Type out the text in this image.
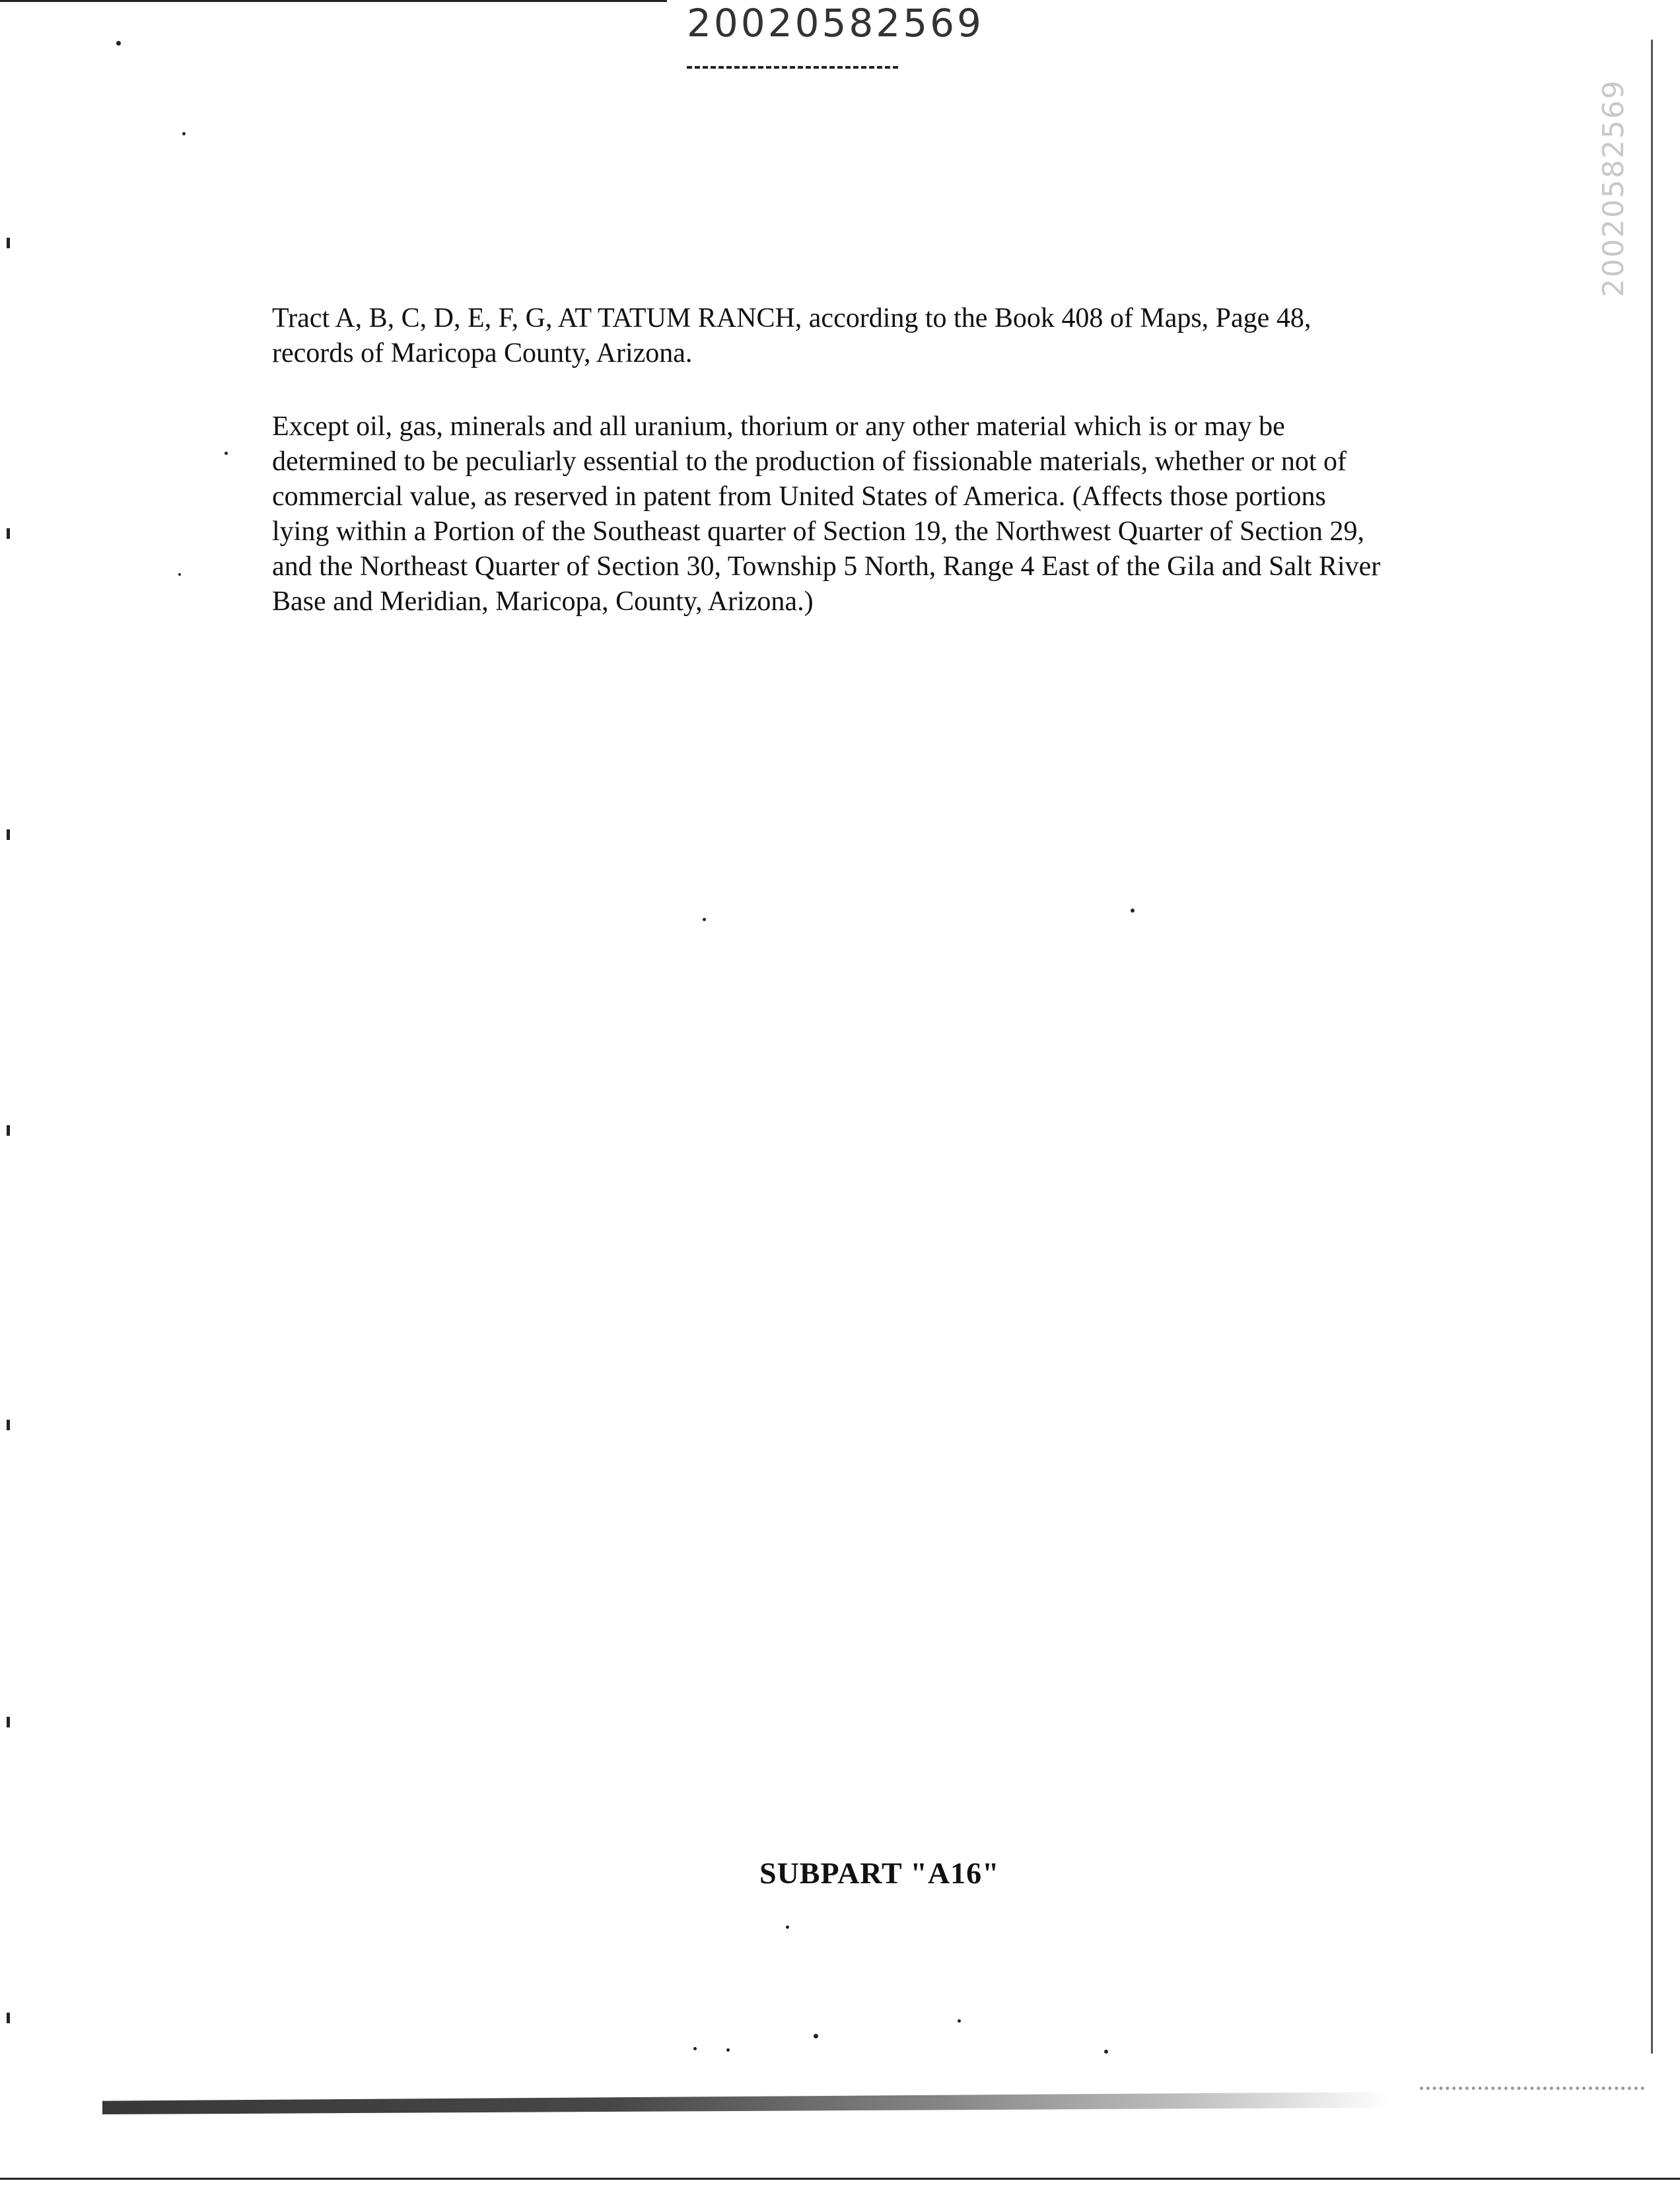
20020582569
20020582569

Tract A, B, C, D, E, F, G, AT TATUM RANCH, according to the Book 408 of Maps, Page 48, records of Maricopa County, Arizona.

Except oil, gas, minerals and all uranium, thorium or any other material which is or may be determined to be peculiarly essential to the production of fissionable materials, whether or not of commercial value, as reserved in patent from United States of America. (Affects those portions lying within a Portion of the Southeast quarter of Section 19, the Northwest Quarter of Section 29, and the Northeast Quarter of Section 30, Township 5 North, Range 4 East of the Gila and Salt River Base and Meridian, Maricopa, County, Arizona.)

SUBPART "A16"
